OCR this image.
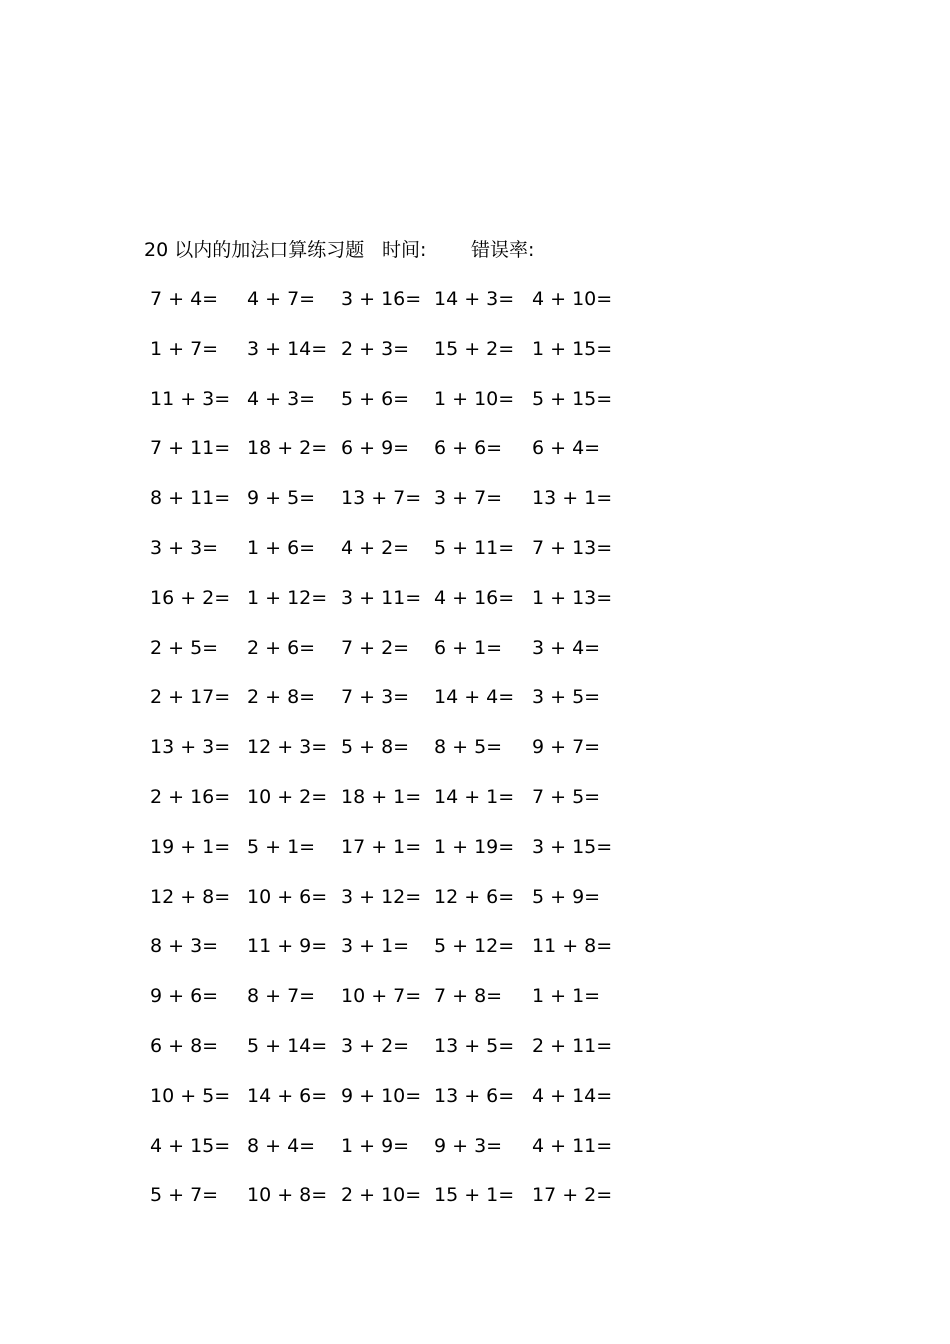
20 以内的加法口算练习题 时间: 错误率:
7 + 4= 4 + 7= 3 + 16= 14 + 3= 4 + 10=
1 + 7= 3 + 14= 2 + 3= 15 + 2= 1 + 15=
11 + 3= 4 + 3= 5 + 6= 1 + 10= 5 + 15=
7 + 11= 18 + 2= 6 + 9= 6 + 6= 6 + 4=
8 + 11= 9 + 5= 13 + 7= 3 + 7= 13 + 1=
3 + 3= 1 + 6= 4 + 2= 5 + 11= 7 + 13=
16 + 2= 1 + 12= 3 + 11= 4 + 16= 1 + 13=
2 + 5= 2 + 6= 7 + 2= 6 + 1= 3 + 4=
2 + 17= 2 + 8= 7 + 3= 14 + 4= 3 + 5=
13 + 3= 12 + 3= 5 + 8= 8 + 5= 9 + 7=
2 + 16= 10 + 2= 18 + 1= 14 + 1= 7 + 5=
19 + 1= 5 + 1= 17 + 1= 1 + 19= 3 + 15=
12 + 8= 10 + 6= 3 + 12= 12 + 6= 5 + 9=
8 + 3= 11 + 9= 3 + 1= 5 + 12= 11 + 8=
9 + 6= 8 + 7= 10 + 7= 7 + 8= 1 + 1=
6 + 8= 5 + 14= 3 + 2= 13 + 5= 2 + 11=
10 + 5= 14 + 6= 9 + 10= 13 + 6= 4 + 14=
4 + 15= 8 + 4= 1 + 9= 9 + 3= 4 + 11=
5 + 7= 10 + 8= 2 + 10= 15 + 1= 17 + 2=
